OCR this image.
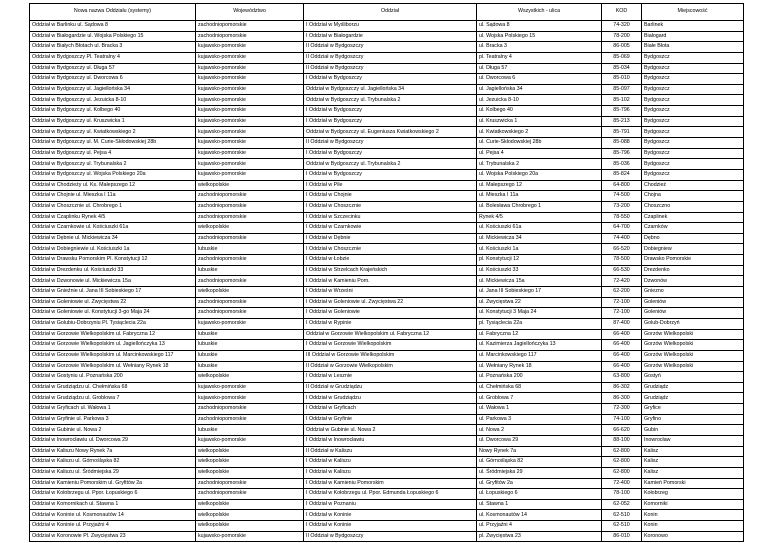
Nowa nazwa Oddziału (systemy)	Województwo	Oddział	Wszystkich - ulica	KOD	Miejscowość
Oddział w Barlinku ul. Sądowa 8	zachodniopomorskie	I Oddział w Myśliborzu	ul. Sądowa 8	74-320	Barlinek
Oddział w Białogardzie ul. Wojska Polskiego 15	zachodniopomorskie	I Oddział w Białogardzie	ul. Wojska Polskiego 15	78-200	Białogard
Oddział w Białych Błotach ul. Bracka 3	kujawsko-pomorskie	II Oddział w Bydgoszczy	ul. Bracka 3	86-005	Białe Błota
Oddział w Bydgoszczy Pl. Teatralny 4	kujawsko-pomorskie	II Oddział w Bydgoszczy	pl. Teatralny 4	85-069	Bydgoszcz
Oddział w Bydgoszczy ul. Długa 57	kujawsko-pomorskie	II Oddział w Bydgoszczy	ul. Długa 57	85-034	Bydgoszcz
Oddział w Bydgoszczy ul. Dworcowa 6	kujawsko-pomorskie	I Oddział w Bydgoszczy	ul. Dworcowa 6	85-010	Bydgoszcz
Oddział w Bydgoszczy ul. Jagiellońska 34	kujawsko-pomorskie	Oddział w Bydgoszczy ul. Jagiellońska 34	ul. Jagiellońska 34	85-097	Bydgoszcz
Oddział w Bydgoszczy ul. Jezuicka 8-10	kujawsko-pomorskie	Oddział w Bydgoszczy ul. Trybunalska 2	ul. Jezuicka 8-10	85-102	Bydgoszcz
Oddział w Bydgoszczy ul. Kolbego 40	kujawsko-pomorskie	I Oddział w Bydgoszczy	ul. Kolbego 40	85-796	Bydgoszcz
Oddział w Bydgoszczy ul. Kruszwicka 1	kujawsko-pomorskie	I Oddział w Bydgoszczy	ul. Kruszwicka 1	85-213	Bydgoszcz
Oddział w Bydgoszczy ul. Kwiatkowskiego 2	kujawsko-pomorskie	Oddział w Bydgoszczy ul. Eugeniusza Kwiatkowskiego 2	ul. Kwiatkowskiego 2	85-791	Bydgoszcz
Oddział w Bydgoszczy ul. M. Curie-Skłodowskiej 28b	kujawsko-pomorskie	II Oddział w Bydgoszczy	ul. Curie-Skłodowskiej 28b	85-088	Bydgoszcz
Oddział w Bydgoszczy ul. Pejsa 4	kujawsko-pomorskie	I Oddział w Bydgoszczy	ul. Pejsa 4	85-796	Bydgoszcz
Oddział w Bydgoszczy ul. Trybunalska 2	kujawsko-pomorskie	Oddział w Bydgoszczy ul. Trybunalska 2	ul. Trybunalska 2	85-036	Bydgoszcz
Oddział w Bydgoszczy ul. Wojska Polskiego 20a	kujawsko-pomorskie	I Oddział w Bydgoszczy	ul. Wojska Polskiego 20a	85-824	Bydgoszcz
Oddział w Chodzieży ul. Ks. Małepszego 12	wielkopolskie	I Oddział w Pile	ul. Małepszego 12	64-800	Chodzież
Oddział w Chojnie ul. Mieszka I 11a	zachodniopomorskie	I Oddział w Chojnie	ul. Mieszka I 11a	74-500	Chojna
Oddział w Choszcznie ul. Chrobrego 1	zachodniopomorskie	I Oddział w Choszcznie	ul. Bolesława Chrobrego 1	73-200	Choszczno
Oddział w Czaplinku Rynek 4/5	zachodniopomorskie	I Oddział w Szczecinku	Rynek 4/5	78-550	Czaplinek
Oddział w Czarnkowie ul. Kościuszki 61a	wielkopolskie	I Oddział w Czarnkowie	ul. Kościuszki 61a	64-700	Czarnków
Oddział w Dębnie ul. Mickiewicza 34	zachodniopomorskie	I Oddział w Dębnie	ul. Mickiewicza 34	74-400	Dębno
Oddział w Dobiegniewie ul. Kościuszki 1a	lubuskie	I Oddział w Choszcznie	ul. Kościuszki 1a	66-520	Dobiegniew
Oddział w Drawsku Pomorskim Pl. Konstytucji 12	zachodniopomorskie	I Oddział w Łobzie	pl. Konstytucji 12	78-500	Drawsko Pomorskie
Oddział w Drezdenku ul. Kościuszki 33	lubuskie	I Oddział w Strzelcach Krajeńskich	ul. Kościuszki 33	66-530	Drezdenko
Oddział w Dzwonowie ul. Mickiewicza 15a	zachodniopomorskie	I Oddział w Kamieniu Pom.	ul. Mickiewicza 15a	72-420	Dzwonów
Oddział w Gnieźnie ul. Jana III Sobieskiego 17	wielkopolskie	I Oddział w Wrześni	ul. Jana III Sobieskiego 17	62-200	Gniezno
Oddział w Goleniowie ul. Zwycięstwa 22	zachodniopomorskie	I Oddział w Goleniowie ul. Zwycięstwa 22	ul. Zwycięstwa 22	72-100	Goleniów
Oddział w Goleniowie ul. Konstytucji 3-go Maja 24	zachodniopomorskie	I Oddział w Goleniowie	ul. Konstytucji 3 Maja 24	72-100	Goleniów
Oddział w Golubiu-Dobrzyniu Pl. Tysiąclecia 22a	kujawsko-pomorskie	I Oddział w Rypinie	pl. Tysiąclecia 22a	87-400	Golub-Dobrzyń
Oddział w Gorzowie Wielkopolskim ul. Fabryczna 12	lubuskie	Oddział w Gorzowie Wielkopolskim ul. Fabryczna 12	ul. Fabryczna 12	66-400	Gorzów Wielkopolski
Oddział w Gorzowie Wielkopolskim ul. Jagiellończyka 13	lubuskie	I Oddział w Gorzowie Wielkopolskim	ul. Kazimierza Jagiellończyka 13	66-400	Gorzów Wielkopolski
Oddział w Gorzowie Wielkopolskim ul. Marcinkowskiego 117	lubuskie	III Oddział w Gorzowie Wielkopolskim	ul. Marcinkowskiego 117	66-400	Gorzów Wielkopolski
Oddział w Gorzowie Wielkopolskim ul. Wełniany Rynek 18	lubuskie	II Oddział w Gorzowie Wielkopolskim	ul. Wełniany Rynek 18	66-400	Gorzów Wielkopolski
Oddział w Gostyniu ul. Poznańska 200	wielkopolskie	I Oddział w Lesznie	ul. Poznańska 200	63-800	Gostyń
Oddział w Grudziądzu ul. Chełmińska 68	kujawsko-pomorskie	II Oddział w Grudziądzu	ul. Chełmińska 68	86-302	Grudziądz
Oddział w Grudziądzu ul. Groblowa 7	kujawsko-pomorskie	I Oddział w Grudziądzu	ul. Groblowa 7	86-300	Grudziądz
Oddział w Gryficach ul. Wałowa 1	zachodniopomorskie	I Oddział w Gryficach	ul. Wałowa 1	72-300	Gryfice
Oddział w Gryfinie ul. Parkowa 3	zachodniopomorskie	I Oddział w Gryfinie	ul. Parkowa 3	74-100	Gryfino
Oddział w Gubinie ul. Nowa 2	lubuskie	Oddział w Gubinie ul. Nowa 2	ul. Nowa 2	66-620	Gubin
Oddział w Inowrocławiu ul. Dworcowa 29	kujawsko-pomorskie	I Oddział w Inowrocławiu	ul. Dworcowa 29	88-100	Inowrocław
Oddział w Kaliszu Nowy Rynek 7a	wielkopolskie	II Oddział w Kaliszu	Nowy Rynek 7a	62-800	Kalisz
Oddział w Kaliszu ul. Górnośląska 82	wielkopolskie	I Oddział w Kaliszu	ul. Górnośląska 82	62-800	Kalisz
Oddział w Kaliszu ul. Śródmiejska 29	wielkopolskie	I Oddział w Kaliszu	ul. Śródmiejska 29	62-800	Kalisz
Oddział w Kamieniu Pomorskim ul. Gryfitów 2a	zachodniopomorskie	I Oddział w Kamieniu Pomorskim	ul. Gryfitów 2a	72-400	Kamień Pomorski
Oddział w Kołobrzegu ul. Ppor. Łopuskiego 6	zachodniopomorskie	I Oddział w Kołobrzegu ul. Ppor. Edmunda Łopuskiego 6	ul. Łopuskiego 6	78-100	Kołobrzeg
Oddział w Komornikach ul. Stawna 1	wielkopolskie	I Oddział w Poznaniu	ul. Stawna 1	62-052	Komorniki
Oddział w Koninie ul. Kosmonautów 14	wielkopolskie	I Oddział w Koninie	ul. Kosmonautów 14	62-510	Konin
Oddział w Koninie ul. Przyjaźni 4	wielkopolskie	I Oddział w Koninie	ul. Przyjaźni 4	62-510	Konin
Oddział w Koronowie Pl. Zwycięstwa 23	kujawsko-pomorskie	II Oddział w Bydgoszczy	pl. Zwycięstwa 23	86-010	Koronowo
